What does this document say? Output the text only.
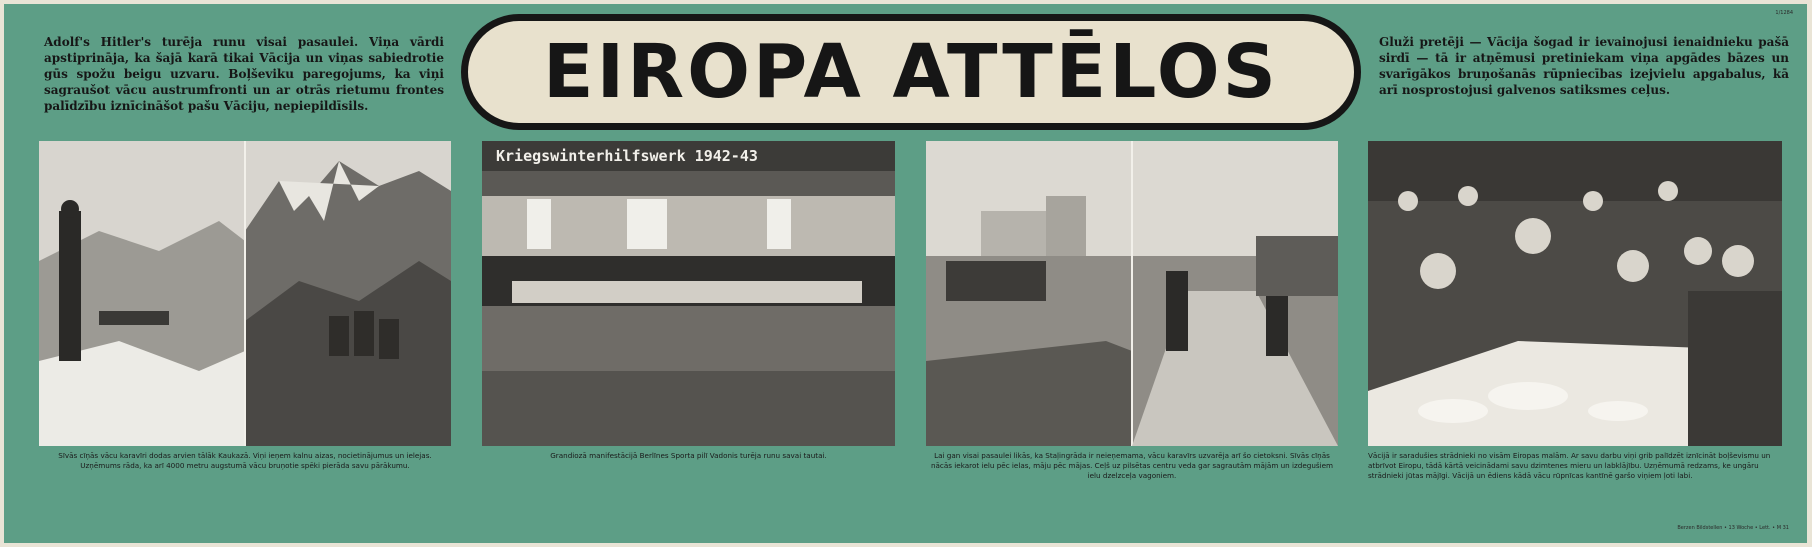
1/1284

Adolf's Hitler's turēja runu visai pasaulei. Viņa vārdi apstiprināja, ka šajā karā tikai Vācija un viņas sabiedrotie gūs spožu beigu uzvaru. Boļševiku paregojums, ka viņi sagraušot vācu austrumfronti un ar otrās rietumu frontes palīdzību iznīcināšot pašu Vāciju, nepiepildīsils.	EIROPA ATTĒLOS	Gluži pretēji — Vācija šogad ir ievainojusi ienaidnieku pašā sirdī — tā ir atņēmusi pretiniekam viņa apgādes bāzes un svarīgākos bruņošanās rūpniecības izejvielu apgabalus, kā arī nosprostojusi galvenos satiksmes ceļus.

Kriegswinterhilfswerk 1942-43

Sīvās cīņās vācu karavīri dodas arvien tālāk Kaukazā. Viņi ieņem kalnu aizas, nocietinājumus un ielejas. Uzņēmums rāda, ka arī 4000 metru augstumā vācu bruņotie spēki pierāda savu pārākumu.

Grandiozā manifestācijā Berlīnes Sporta pilī Vadonis turēja runu savai tautai.	Lai gan visai pasaulei likās, ka Staļingrāda ir neieņemama, vācu karavīrs uzvarēja arī šo cietoksni. Sīvās cīņās nācās iekarot ielu pēc ielas, māju pēc mājas. Ceļš uz pilsētas centru veda gar sagrautām mājām un izdegušiem ielu dzelzceļa vagoniem.

Vācijā ir saradušies strādnieki no visām Eiropas malām. Ar savu darbu viņi grib palīdzēt iznīcināt boļševismu un atbrīvot Eiropu, tādā kārtā veicinādami savu dzimtenes mieru un labklājību. Uzņēmumā redzams, ke ungāru strādnieki jūtas mājīgi. Vācijā un ēdiens kādā vācu rūpnīcas kantīnē garšo viņiem ļoti labi.

Berzen Bildstellen • 13 Woche • Lett. • M 31
